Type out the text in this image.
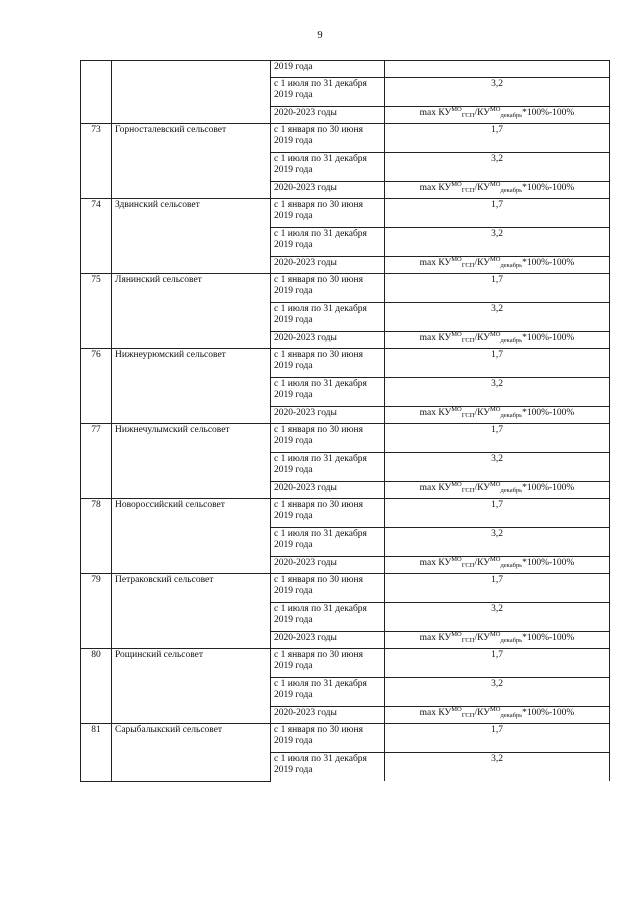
9
		2019 года	
		с 1 июля по 31 декабря 2019 года	3,2
		2020-2023 годы	$\max КУ^{МО}_{ГСП}/КУ^{МО}_{декабрь}*100\%-100\%$
73	Горносталевский сельсовет	с 1 января по 30 июня 2019 года	1,7
		с 1 июля по 31 декабря 2019 года	3,2
		2020-2023 годы	$\max КУ^{МО}_{ГСП}/КУ^{МО}_{декабрь}*100\%-100\%$
74	Здвинский сельсовет	с 1 января по 30 июня 2019 года	1,7
		с 1 июля по 31 декабря 2019 года	3,2
		2020-2023 годы	$\max КУ^{МО}_{ГСП}/КУ^{МО}_{декабрь}*100\%-100\%$
75	Лянинский сельсовет	с 1 января по 30 июня 2019 года	1,7
		с 1 июля по 31 декабря 2019 года	3,2
		2020-2023 годы	$\max КУ^{МО}_{ГСП}/КУ^{МО}_{декабрь}*100\%-100\%$
76	Нижнеурюмский сельсовет	с 1 января по 30 июня 2019 года	1,7
		с 1 июля по 31 декабря 2019 года	3,2
		2020-2023 годы	$\max КУ^{МО}_{ГСП}/КУ^{МО}_{декабрь}*100\%-100\%$
77	Нижнечулымский сельсовет	с 1 января по 30 июня 2019 года	1,7
		с 1 июля по 31 декабря 2019 года	3,2
		2020-2023 годы	$\max КУ^{МО}_{ГСП}/КУ^{МО}_{декабрь}*100\%-100\%$
78	Новороссийский сельсовет	с 1 января по 30 июня 2019 года	1,7
		с 1 июля по 31 декабря 2019 года	3,2
		2020-2023 годы	$\max КУ^{МО}_{ГСП}/КУ^{МО}_{декабрь}*100\%-100\%$
79	Петраковский сельсовет	с 1 января по 30 июня 2019 года	1,7
		с 1 июля по 31 декабря 2019 года	3,2
		2020-2023 годы	$\max КУ^{МО}_{ГСП}/КУ^{МО}_{декабрь}*100\%-100\%$
80	Рощинский сельсовет	с 1 января по 30 июня 2019 года	1,7
		с 1 июля по 31 декабря 2019 года	3,2
		2020-2023 годы	$\max КУ^{МО}_{ГСП}/КУ^{МО}_{декабрь}*100\%-100\%$
81	Сарыбалыкский сельсовет	с 1 января по 30 июня 2019 года	1,7
		с 1 июля по 31 декабря 2019 года	3,2
